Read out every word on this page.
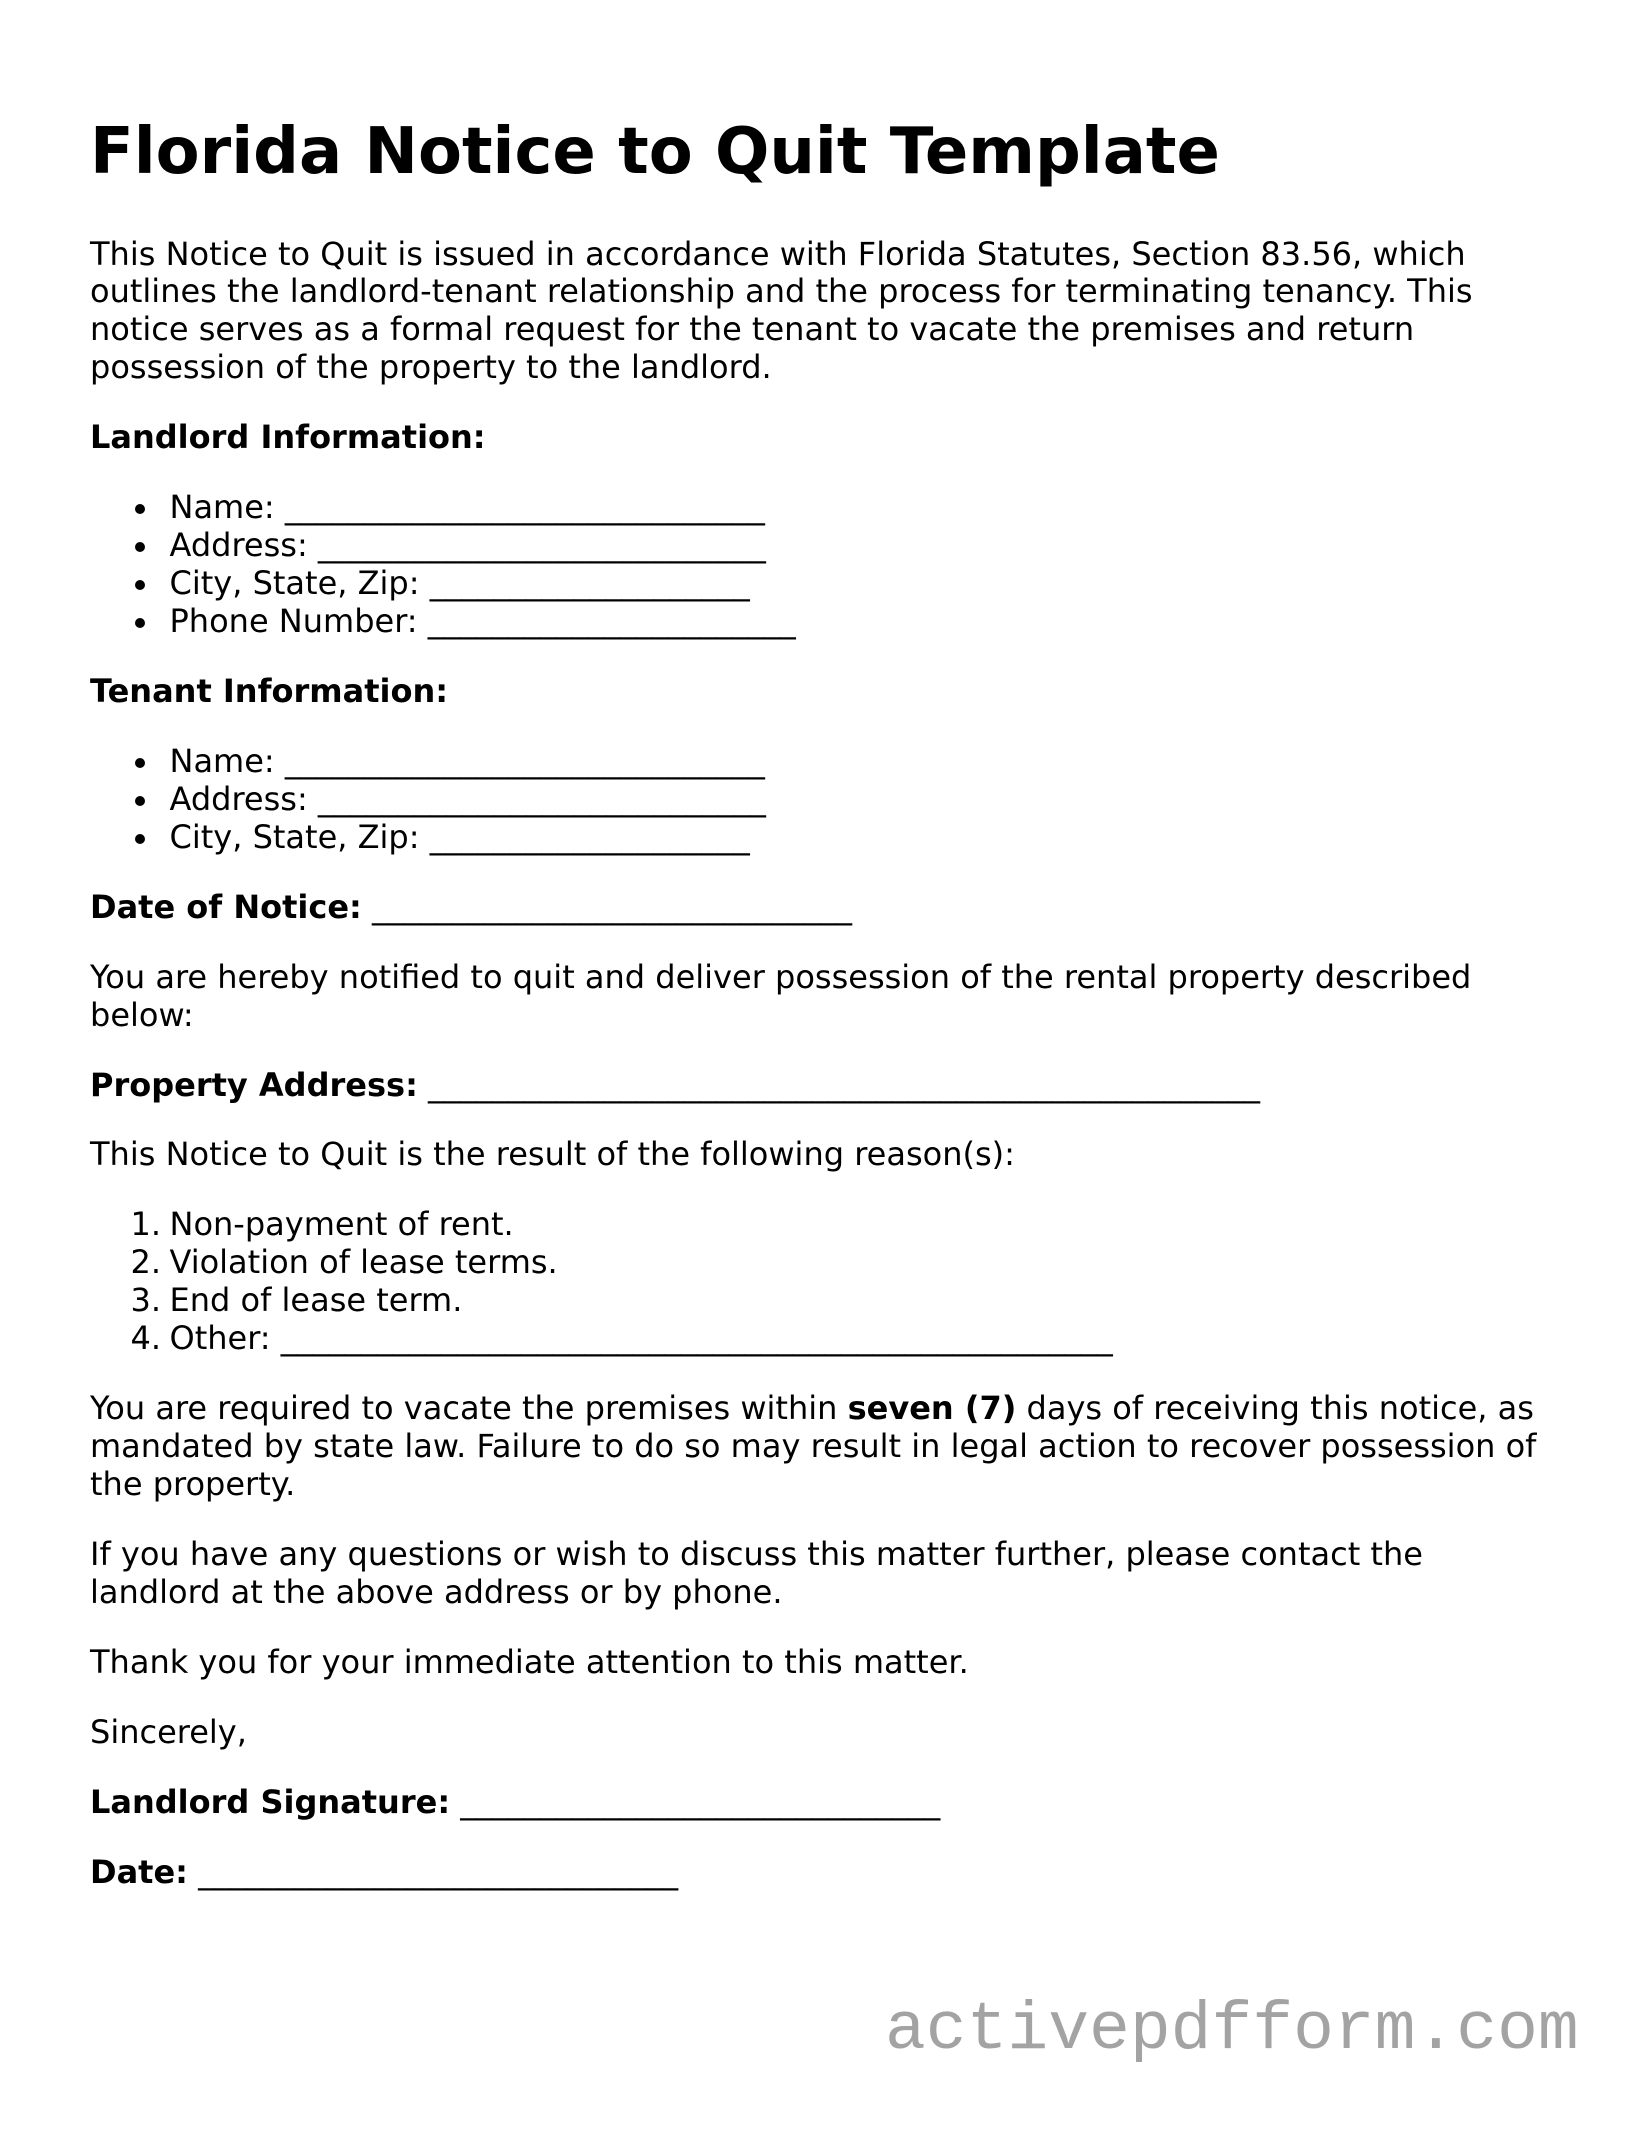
Florida Notice to Quit Template
This Notice to Quit is issued in accordance with Florida Statutes, Section 83.56, which
outlines the landlord-tenant relationship and the process for terminating tenancy. This
notice serves as a formal request for the tenant to vacate the premises and return
possession of the property to the landlord.
Landlord Information:
Name: ______________________________
Address: ____________________________
City, State, Zip: ____________________
Phone Number: _______________________
Tenant Information:
Name: ______________________________
Address: ____________________________
City, State, Zip: ____________________
Date of Notice: ______________________________
You are hereby notified to quit and deliver possession of the rental property described
below:
Property Address: ____________________________________________________
This Notice to Quit is the result of the following reason(s):
1. Non-payment of rent.
2. Violation of lease terms.
3. End of lease term.
4. Other: ____________________________________________________
You are required to vacate the premises within seven (7) days of receiving this notice, as
mandated by state law. Failure to do so may result in legal action to recover possession of
the property.
If you have any questions or wish to discuss this matter further, please contact the
landlord at the above address or by phone.
Thank you for your immediate attention to this matter.
Sincerely,
Landlord Signature: ______________________________
Date: ______________________________
activepdfform.com
